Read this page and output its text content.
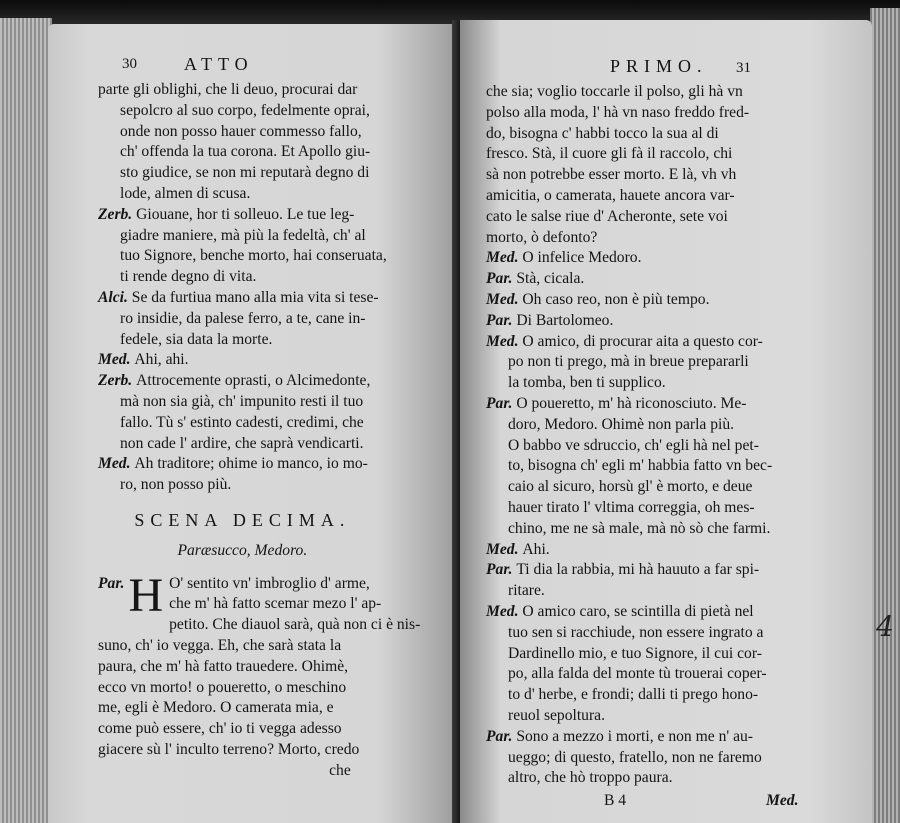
30	ATTO
parte gli oblighi, che li deuo, procurai dar
sepolcro al suo corpo, fedelmente oprai,
onde non posso hauer commesso fallo,
ch' offenda la tua corona. Et Apollo giu-
sto giudice, se non mi reputarà degno di
lode, almen di scusa.
Zerb. Giouane, hor ti solleuo. Le tue leg-
giadre maniere, mà più la fedeltà, ch' al
tuo Signore, benche morto, hai conseruata,
ti rende degno di vita.
Alci. Se da furtiua mano alla mia vita si tese-
ro insidie, da palese ferro, a te, cane in-
fedele, sia data la morte.
Med. Ahi, ahi.
Zerb. Attrocemente oprasti, o Alcimedonte,
mà non sia già, ch' impunito resti il tuo
fallo. Tù s' estinto cadesti, credimi, che
non cade l' ardire, che saprà vendicarti.
Med. Ah traditore; ohime io manco, io mo-
ro, non posso più.
SCENA DECIMA.
Paræsucco, Medoro.
Par. H O' sentito vn' imbroglio d' arme,
che m' hà fatto scemar mezo l' ap-
petito. Che diauol sarà, quà non ci è nis-
suno, ch' io vegga. Eh, che sarà stata la
paura, che m' hà fatto trauedere. Ohimè,
ecco vn morto! o poueretto, o meschino
me, egli è Medoro. O camerata mia, e
come può essere, ch' io ti vegga adesso
giacere sù l' inculto terreno? Morto, credo
che
PRIMO. 31
che sia; voglio toccarle il polso, gli hà vn
polso alla moda, l' hà vn naso freddo fred-
do, bisogna c' habbi tocco la sua al di
fresco. Stà, il cuore gli fà il raccolo, chi
sà non potrebbe esser morto. E là, vh vh
amicitia, o camerata, hauete ancora var-
cato le salse riue d' Acheronte, sete voi
morto, ò defonto?
Med. O infelice Medoro.
Par. Stà, cicala.
Med. Oh caso reo, non è più tempo.
Par. Di Bartolomeo.
Med. O amico, di procurar aita a questo cor-
po non ti prego, mà in breue prepararli
la tomba, ben ti supplico.
Par. O poueretto, m' hà riconosciuto. Me-
doro, Medoro. Ohimè non parla più.
O babbo ve sdruccio, ch' egli hà nel pet-
to, bisogna ch' egli m' habbia fatto vn bec-
caio al sicuro, horsù gl' è morto, e deue
hauer tirato l' vltima correggia, oh mes-
chino, me ne sà male, mà nò sò che farmi.
Med. Ahi.
Par. Ti dia la rabbia, mi hà hauuto a far spi-
ritare.
Med. O amico caro, se scintilla di pietà nel
tuo sen si racchiude, non essere ingrato a
Dardinello mio, e tuo Signore, il cui cor-
po, alla falda del monte tù trouerai coper-
to d' herbe, e frondi; dalli ti prego hono-
reuol sepoltura.
Par. Sono a mezzo i morti, e non me n' au-
ueggo; di questo, fratello, non ne faremo
altro, che hò troppo paura.
B 4	Med.
4
